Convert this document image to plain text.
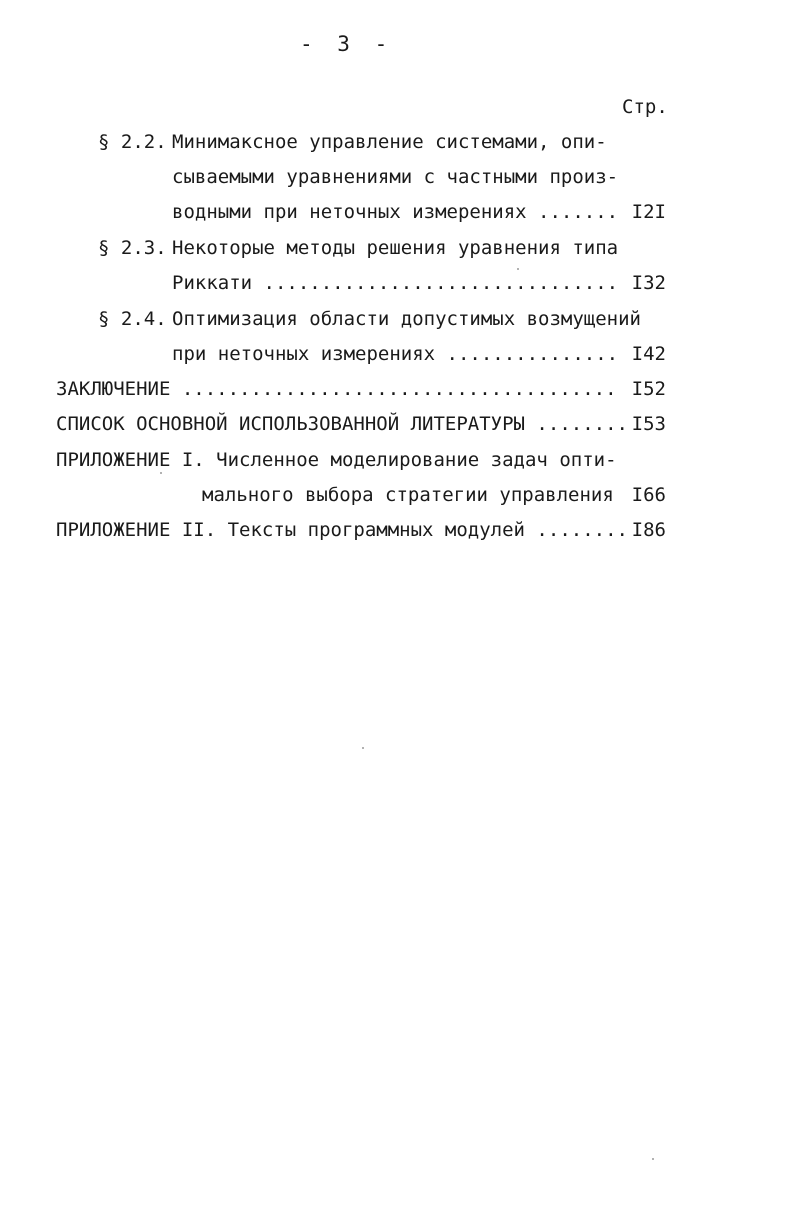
- 3 -
Стр.
§ 2.2. Минимаксное управление системами, опи-
сываемыми уравнениями с частными произ-
водными при неточных измерениях ....... I2I
§ 2.3. Некоторые методы решения уравнения типа
Риккати ............................... I32
§ 2.4. Оптимизация области допустимых возмущений
при неточных измерениях ............... I42
ЗАКЛЮЧЕНИЕ ...................................... I52
СПИСОК ОСНОВНОЙ ИСПОЛЬЗОВАННОЙ ЛИТЕРАТУРЫ ........ I53
ПРИЛОЖЕНИЕ I. Численное моделирование задач опти-
мального выбора стратегии управления I66
ПРИЛОЖЕНИЕ II. Тексты программных модулей ........ I86
